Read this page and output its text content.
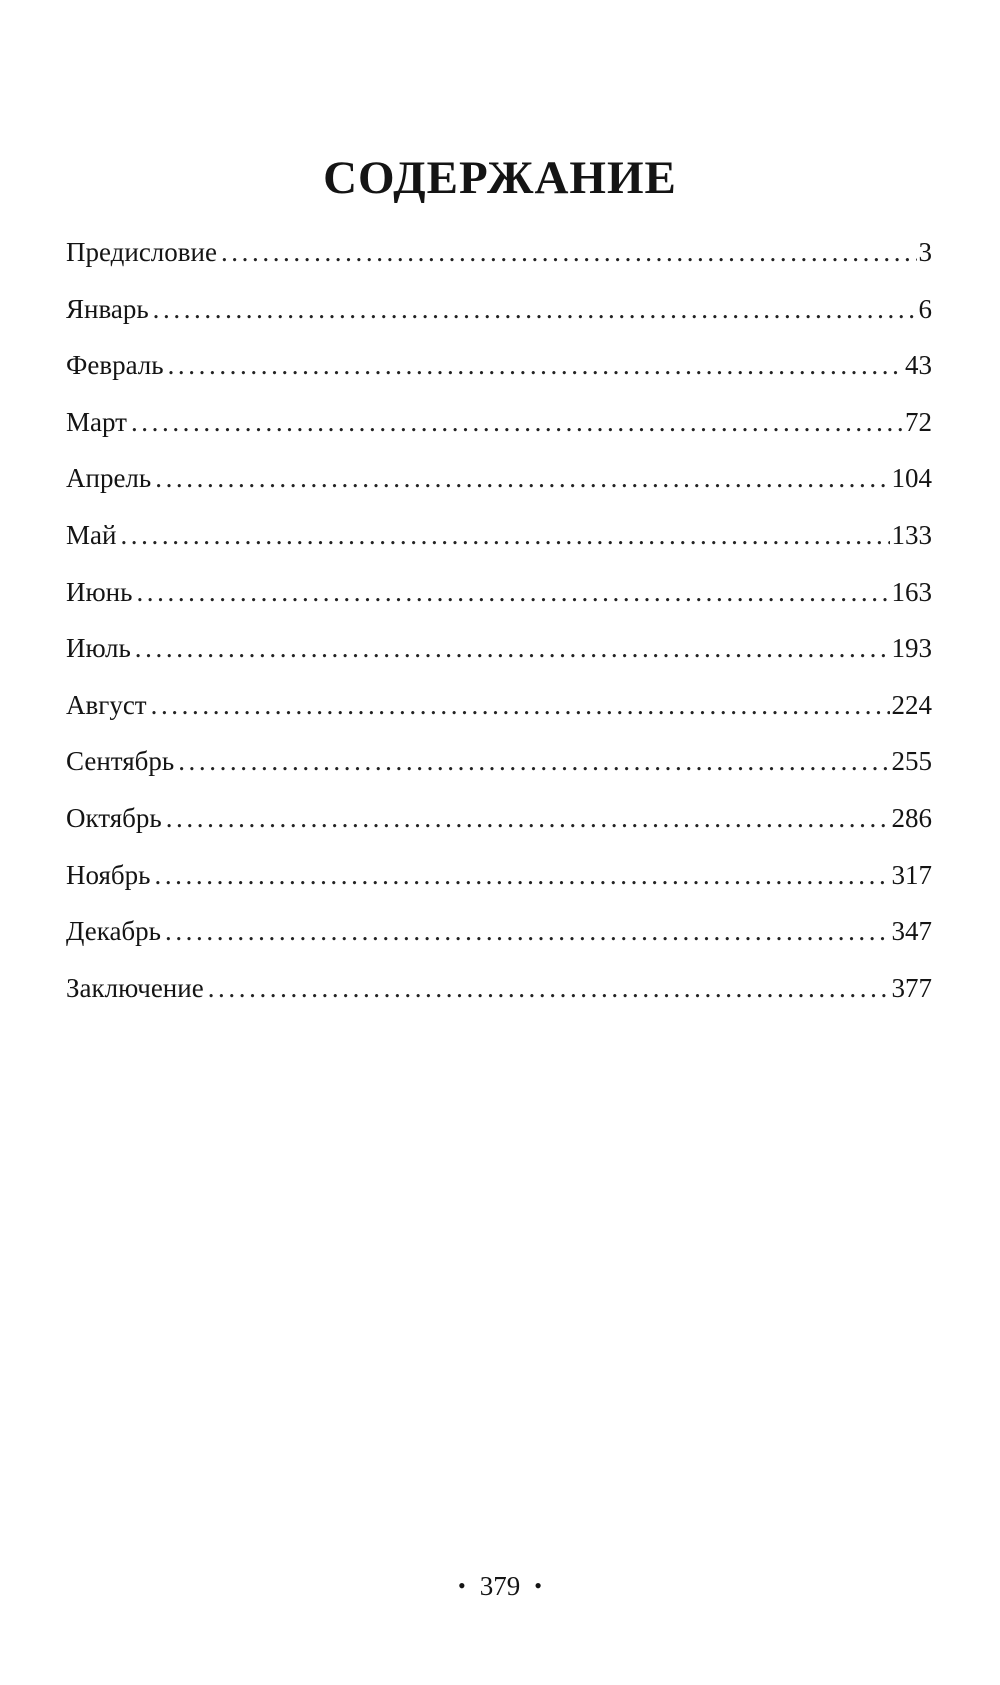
СОДЕРЖАНИЕ
Предисловие .....	3
Январь .....	6
Февраль .....	43
Март .....	72
Апрель .....	104
Май .....	133
Июнь .....	163
Июль .....	193
Август .....	224
Сентябрь .....	255
Октябрь .....	286
Ноябрь .....	317
Декабрь .....	347
Заключение .....	377
• 379 •
